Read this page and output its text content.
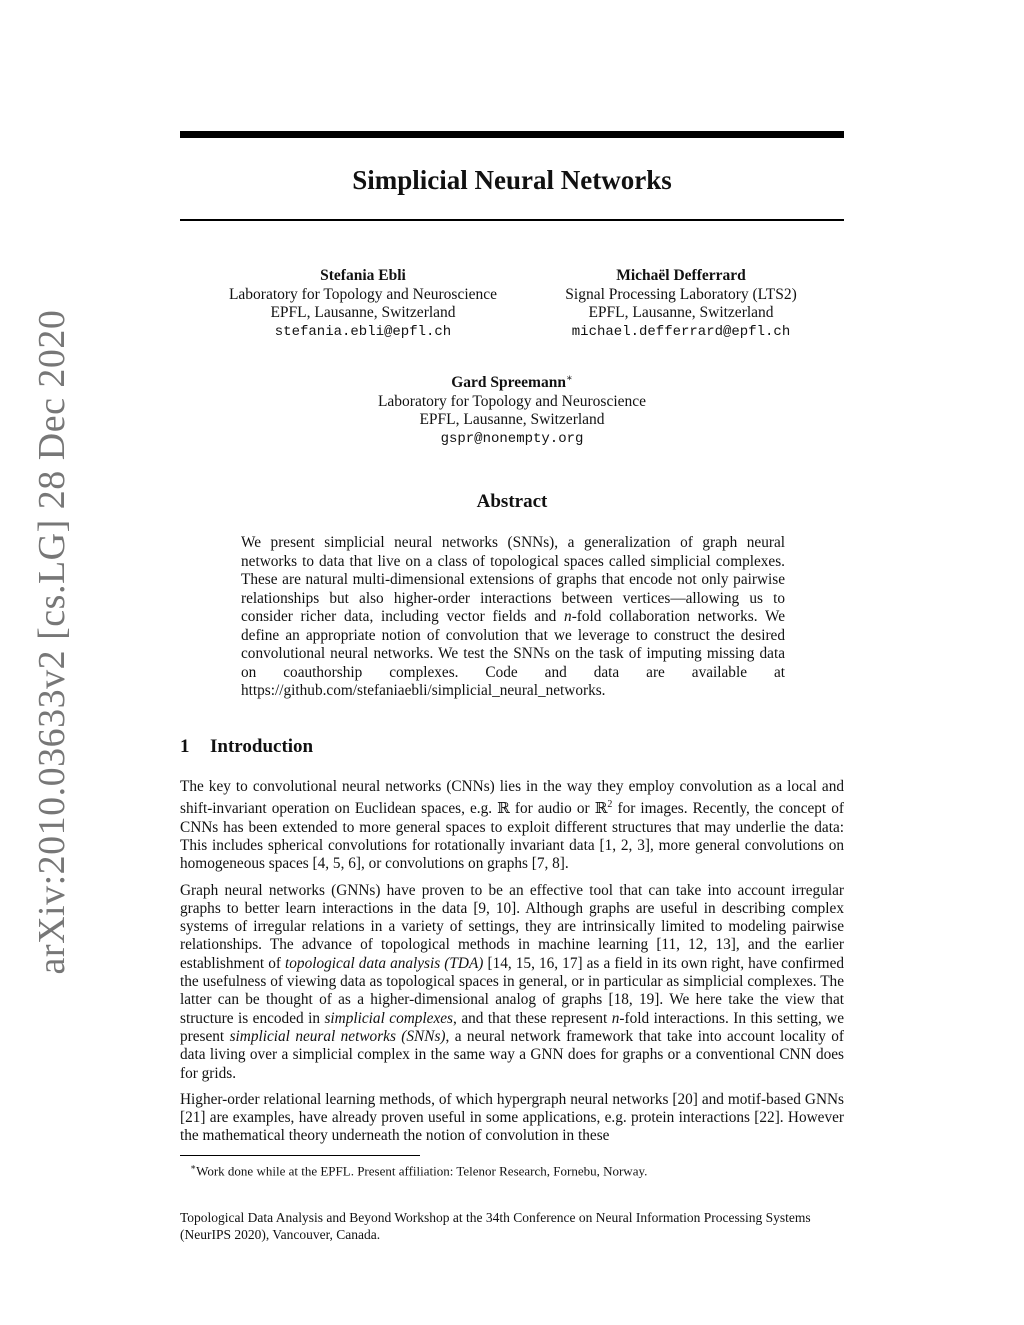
arXiv:2010.03633v2 [cs.LG] 28 Dec 2020
Simplicial Neural Networks
Stefania Ebli
Laboratory for Topology and Neuroscience
EPFL, Lausanne, Switzerland
stefania.ebli@epfl.ch
Michaël Defferrard
Signal Processing Laboratory (LTS2)
EPFL, Lausanne, Switzerland
michael.defferrard@epfl.ch
Gard Spreemann∗
Laboratory for Topology and Neuroscience
EPFL, Lausanne, Switzerland
gspr@nonempty.org
Abstract

We present simplicial neural networks (SNNs), a generalization of graph neural networks to data that live on a class of topological spaces called simplicial complexes. These are natural multi-dimensional extensions of graphs that encode not only pairwise relationships but also higher-order interactions between vertices—allowing us to consider richer data, including vector fields and n-fold collaboration networks. We define an appropriate notion of convolution that we leverage to construct the desired convolutional neural networks. We test the SNNs on the task of imputing missing data on coauthorship complexes. Code and data are available at https://github.com/stefaniaebli/simplicial_neural_networks.

1 Introduction

The key to convolutional neural networks (CNNs) lies in the way they employ convolution as a local and shift-invariant operation on Euclidean spaces, e.g. ℝ for audio or ℝ$^2$ for images. Recently, the concept of CNNs has been extended to more general spaces to exploit different structures that may underlie the data: This includes spherical convolutions for rotationally invariant data [1, 2, 3], more general convolutions on homogeneous spaces [4, 5, 6], or convolutions on graphs [7, 8].

Graph neural networks (GNNs) have proven to be an effective tool that can take into account irregular graphs to better learn interactions in the data [9, 10]. Although graphs are useful in describing complex systems of irregular relations in a variety of settings, they are intrinsically limited to modeling pairwise relationships. The advance of topological methods in machine learning [11, 12, 13], and the earlier establishment of topological data analysis (TDA) [14, 15, 16, 17] as a field in its own right, have confirmed the usefulness of viewing data as topological spaces in general, or in particular as simplicial complexes. The latter can be thought of as a higher-dimensional analog of graphs [18, 19]. We here take the view that structure is encoded in simplicial complexes, and that these represent n-fold interactions. In this setting, we present simplicial neural networks (SNNs), a neural network framework that take into account locality of data living over a simplicial complex in the same way a GNN does for graphs or a conventional CNN does for grids.

Higher-order relational learning methods, of which hypergraph neural networks [20] and motif-based GNNs [21] are examples, have already proven useful in some applications, e.g. protein interactions [22]. However the mathematical theory underneath the notion of convolution in these

∗Work done while at the EPFL. Present affiliation: Telenor Research, Fornebu, Norway.
Topological Data Analysis and Beyond Workshop at the 34th Conference on Neural Information Processing Systems (NeurIPS 2020), Vancouver, Canada.
